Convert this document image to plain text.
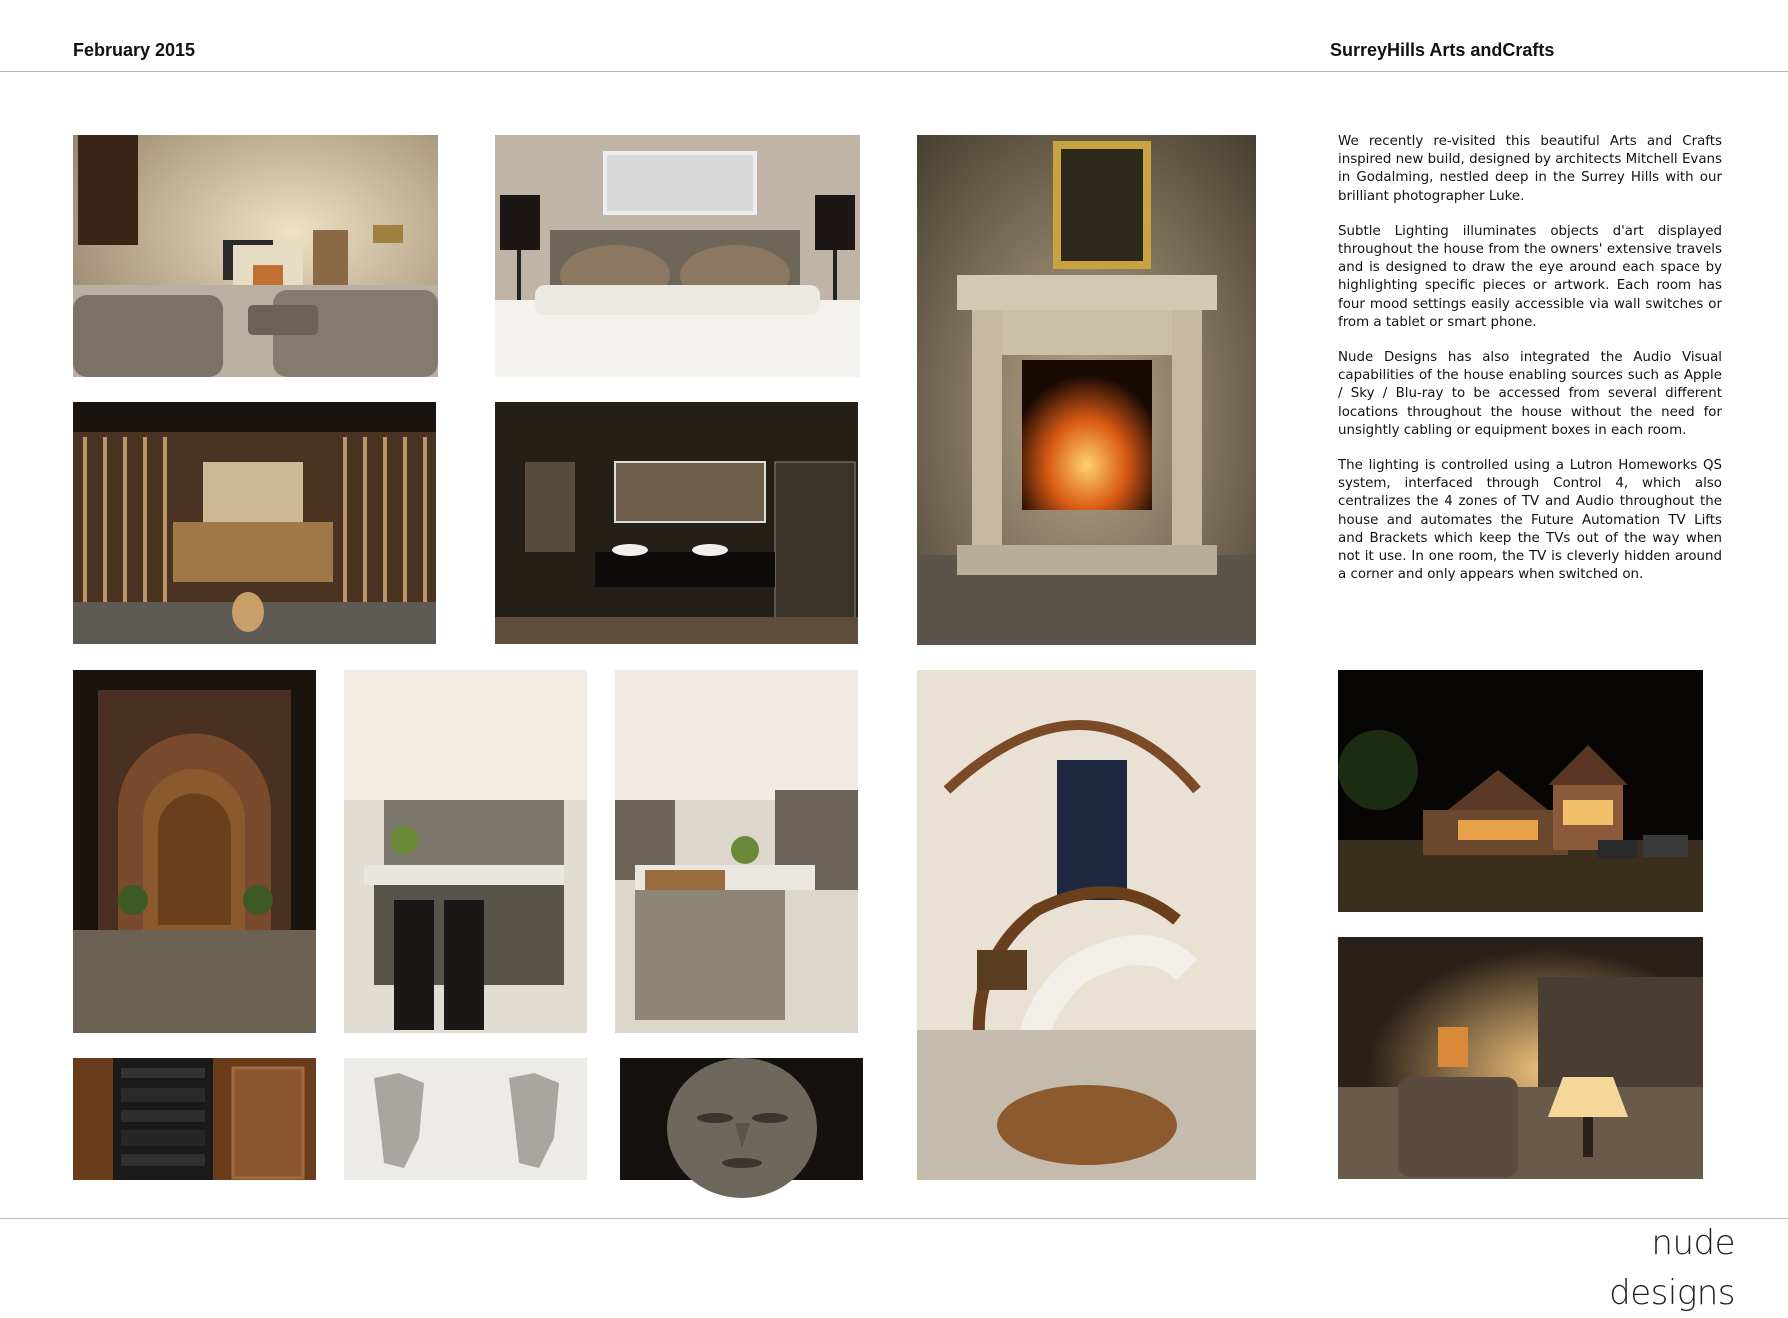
February 2015	SurreyHills Arts andCrafts

We recently re-visited this beautiful Arts and Crafts inspired new build, designed by architects Mitchell Evans in Godalming, nestled deep in the Surrey Hills with our brilliant photographer Luke.

Subtle Lighting illuminates objects d'art displayed throughout the house from the owners' extensive travels and is designed to draw the eye around each space by highlighting specific pieces or artwork. Each room has four mood settings easily accessible via wall switches or from a tablet or smart phone.

Nude Designs has also integrated the Audio Visual capabilities of the house enabling sources such as Apple / Sky / Blu-ray to be accessed from several different locations throughout the house without the need for unsightly cabling or equipment boxes in each room.

The lighting is controlled using a Lutron Homeworks QS system, interfaced through Control 4, which also centralizes the 4 zones of TV and Audio throughout the house and automates the Future Automation TV Lifts and Brackets which keep the TVs out of the way when not it use. In one room, the TV is cleverly hidden around a corner and only appears when switched on.

nude designs
